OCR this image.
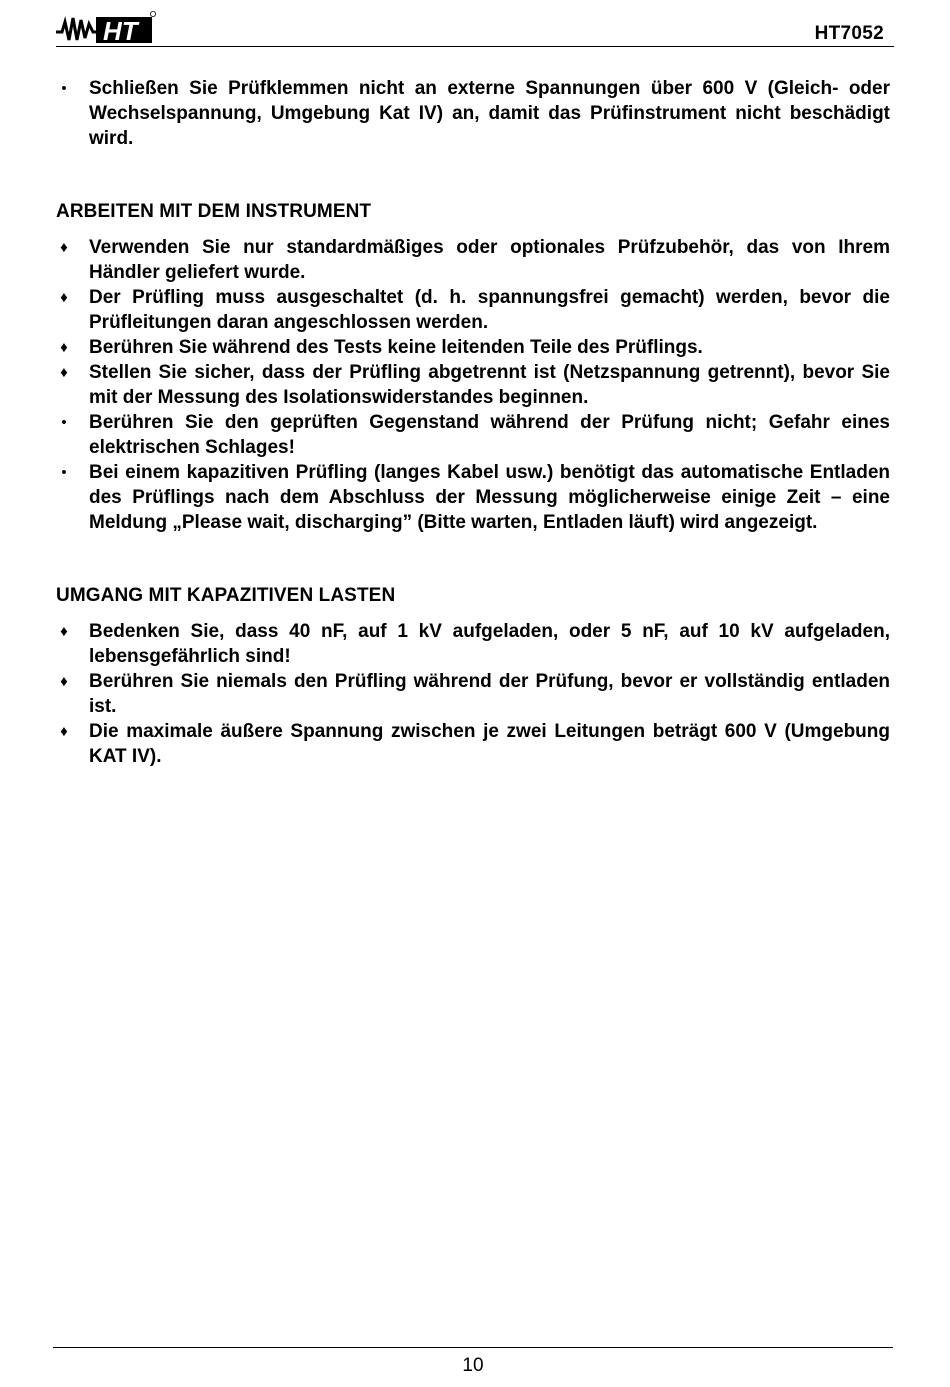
HT	HT7052
• Schließen Sie Prüfklemmen nicht an externe Spannungen über 600 V (Gleich- oder Wechselspannung, Umgebung Kat IV) an, damit das Prüfinstrument nicht beschädigt wird.
ARBEITEN MIT DEM INSTRUMENT
♦ Verwenden Sie nur standardmäßiges oder optionales Prüfzubehör, das von Ihrem Händler geliefert wurde.
♦ Der Prüfling muss ausgeschaltet (d. h. spannungsfrei gemacht) werden, bevor die Prüfleitungen daran angeschlossen werden.
♦ Berühren Sie während des Tests keine leitenden Teile des Prüflings.
♦ Stellen Sie sicher, dass der Prüfling abgetrennt ist (Netzspannung getrennt), bevor Sie mit der Messung des Isolationswiderstandes beginnen.
• Berühren Sie den geprüften Gegenstand während der Prüfung nicht; Gefahr eines elektrischen Schlages!
• Bei einem kapazitiven Prüfling (langes Kabel usw.) benötigt das automatische Entladen des Prüflings nach dem Abschluss der Messung möglicherweise einige Zeit – eine Meldung „Please wait, discharging” (Bitte warten, Entladen läuft) wird angezeigt.
UMGANG MIT KAPAZITIVEN LASTEN
♦ Bedenken Sie, dass 40 nF, auf 1 kV aufgeladen, oder 5 nF, auf 10 kV aufgeladen, lebensgefährlich sind!
♦ Berühren Sie niemals den Prüfling während der Prüfung, bevor er vollständig entladen ist.
♦ Die maximale äußere Spannung zwischen je zwei Leitungen beträgt 600 V (Umgebung KAT IV).
10
